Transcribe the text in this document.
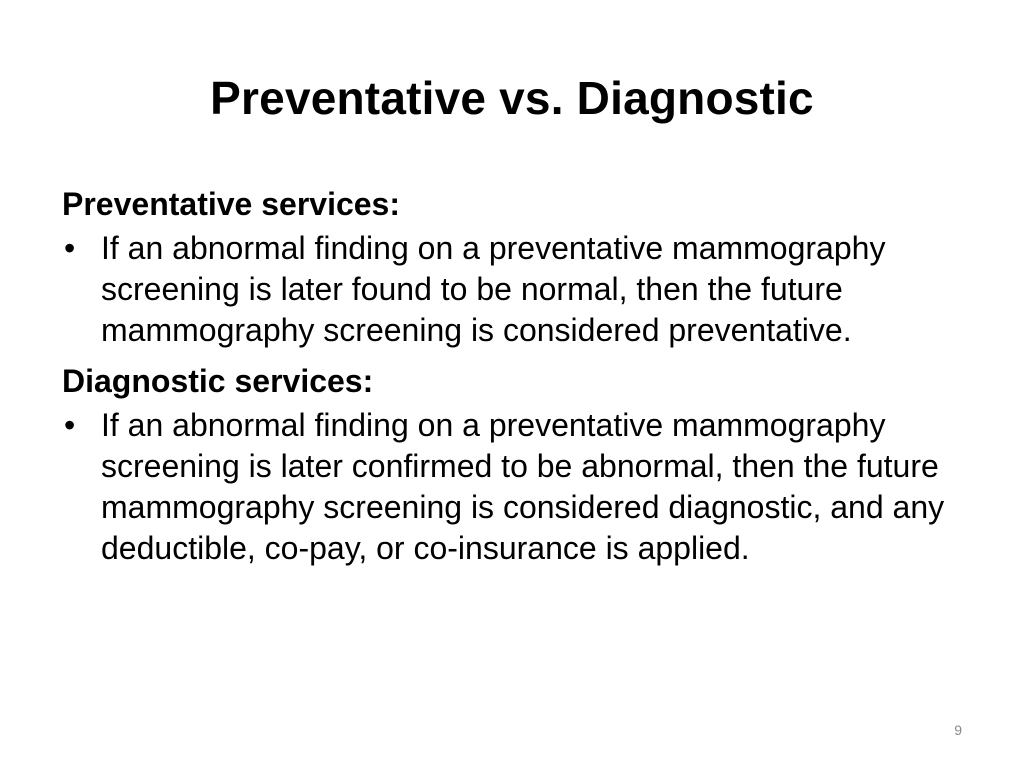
Preventative vs. Diagnostic
Preventative services:
• If an abnormal finding on a preventative mammography screening is later found to be normal, then the future mammography screening is considered preventative.
Diagnostic services:
• If an abnormal finding on a preventative mammography screening is later confirmed to be abnormal, then the future mammography screening is considered diagnostic, and any deductible, co-pay, or co-insurance is applied.
9
